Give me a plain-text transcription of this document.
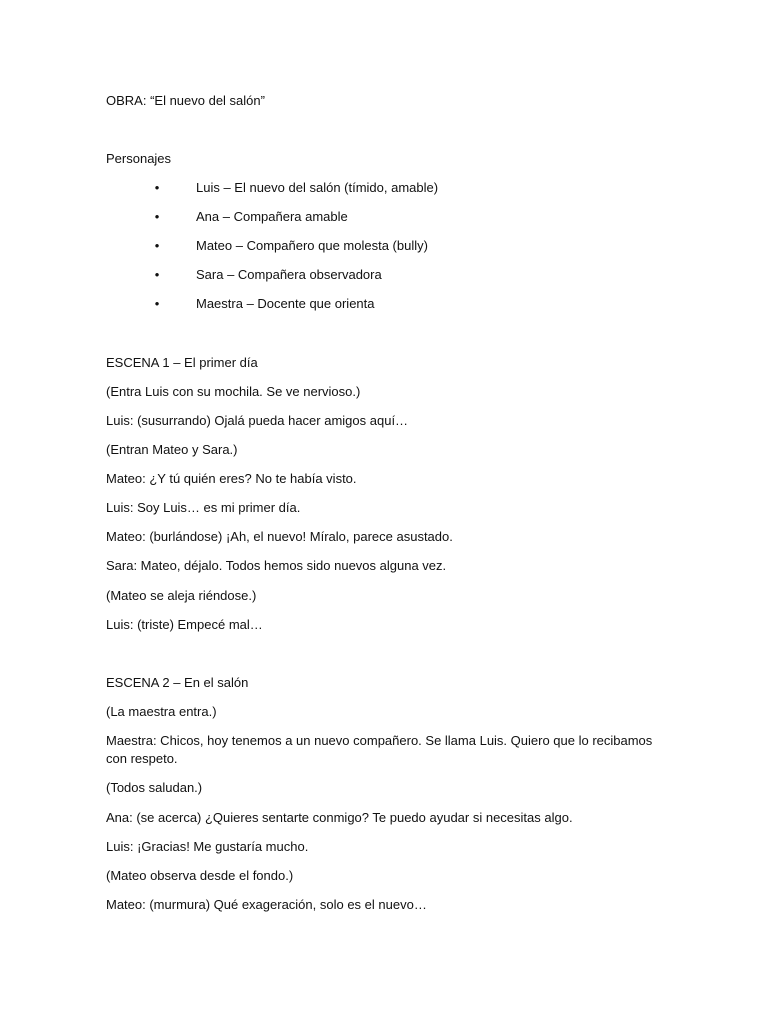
OBRA: “El nuevo del salón”
Personajes
•	Luis – El nuevo del salón (tímido, amable)
•	Ana – Compañera amable
•	Mateo – Compañero que molesta (bully)
•	Sara – Compañera observadora
•	Maestra – Docente que orienta
ESCENA 1 – El primer día
(Entra Luis con su mochila. Se ve nervioso.)
Luis: (susurrando) Ojalá pueda hacer amigos aquí…
(Entran Mateo y Sara.)
Mateo: ¿Y tú quién eres? No te había visto.
Luis: Soy Luis… es mi primer día.
Mateo: (burlándose) ¡Ah, el nuevo! Míralo, parece asustado.
Sara: Mateo, déjalo. Todos hemos sido nuevos alguna vez.
(Mateo se aleja riéndose.)
Luis: (triste) Empecé mal…
ESCENA 2 – En el salón
(La maestra entra.)
Maestra: Chicos, hoy tenemos a un nuevo compañero. Se llama Luis. Quiero que lo recibamos con respeto.
(Todos saludan.)
Ana: (se acerca) ¿Quieres sentarte conmigo? Te puedo ayudar si necesitas algo.
Luis: ¡Gracias! Me gustaría mucho.
(Mateo observa desde el fondo.)
Mateo: (murmura) Qué exageración, solo es el nuevo…
